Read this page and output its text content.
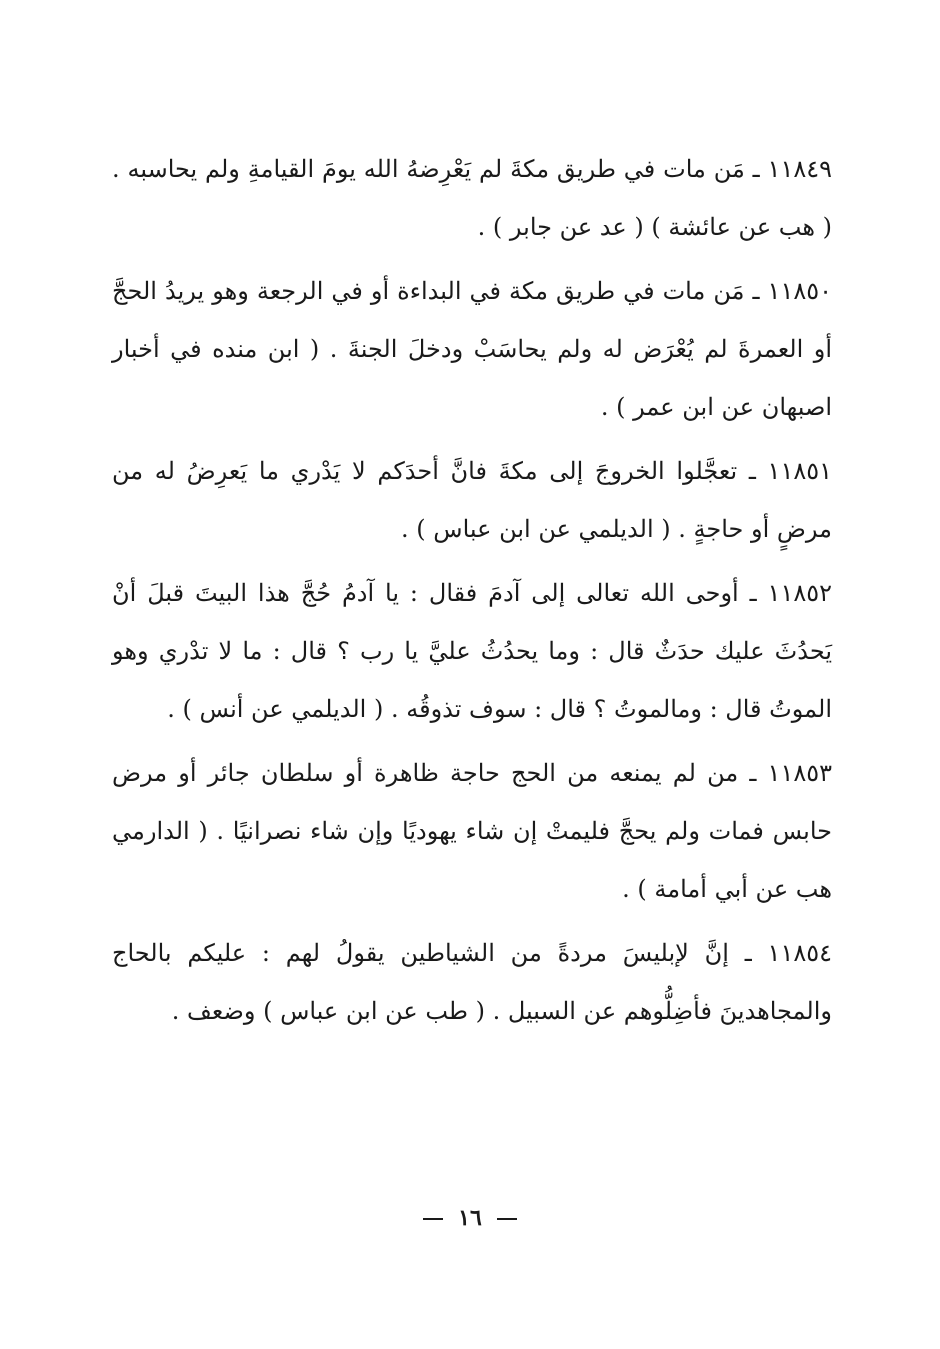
١١٨٤٩ ـ مَن مات في طريق مكةَ لم يَعْرِضهُ الله يومَ القيامةِ ولم يحاسبه . ( هب عن عائشة ) ( عد عن جابر ) .

١١٨٥٠ ـ مَن مات في طريق مكة في البداءة أو في الرجعة وهو يريدُ الحجَّ أو العمرةَ لم يُعْرَض له ولم يحاسَبْ ودخلَ الجنةَ . ( ابن منده في أخبار اصبهان عن ابن عمر ) .

١١٨٥١ ـ تعجَّلوا الخروجَ إلى مكةَ فانَّ أحدَكم لا يَدْري ما يَعرِضُ له من مرضٍ أو حاجةٍ . ( الديلمي عن ابن عباس ) .

١١٨٥٢ ـ أوحى الله تعالى إلى آدمَ فقال : يا آدمُ حُجَّ هذا البيتَ قبلَ أنْ يَحدُثَ عليك حدَثٌ قال : وما يحدُثُ عليَّ يا رب ؟ قال : ما لا تدْري وهو الموتُ قال : ومالموتُ ؟ قال : سوف تذوقُه . ( الديلمي عن أنس ) .

١١٨٥٣ ـ من لم يمنعه من الحج حاجة ظاهرة أو سلطان جائر أو مرض حابس فمات ولم يحجَّ فليمتْ إن شاء يهوديًا وإن شاء نصرانيًا . ( الدارمي هب عن أبي أمامة ) .

١١٨٥٤ ـ إنَّ لإبليسَ مردةً من الشياطين يقولُ لهم : عليكم بالحاج والمجاهدينَ فأضِلُّوهم عن السبيل . ( طب عن ابن عباس ) وضعف .

١٦
